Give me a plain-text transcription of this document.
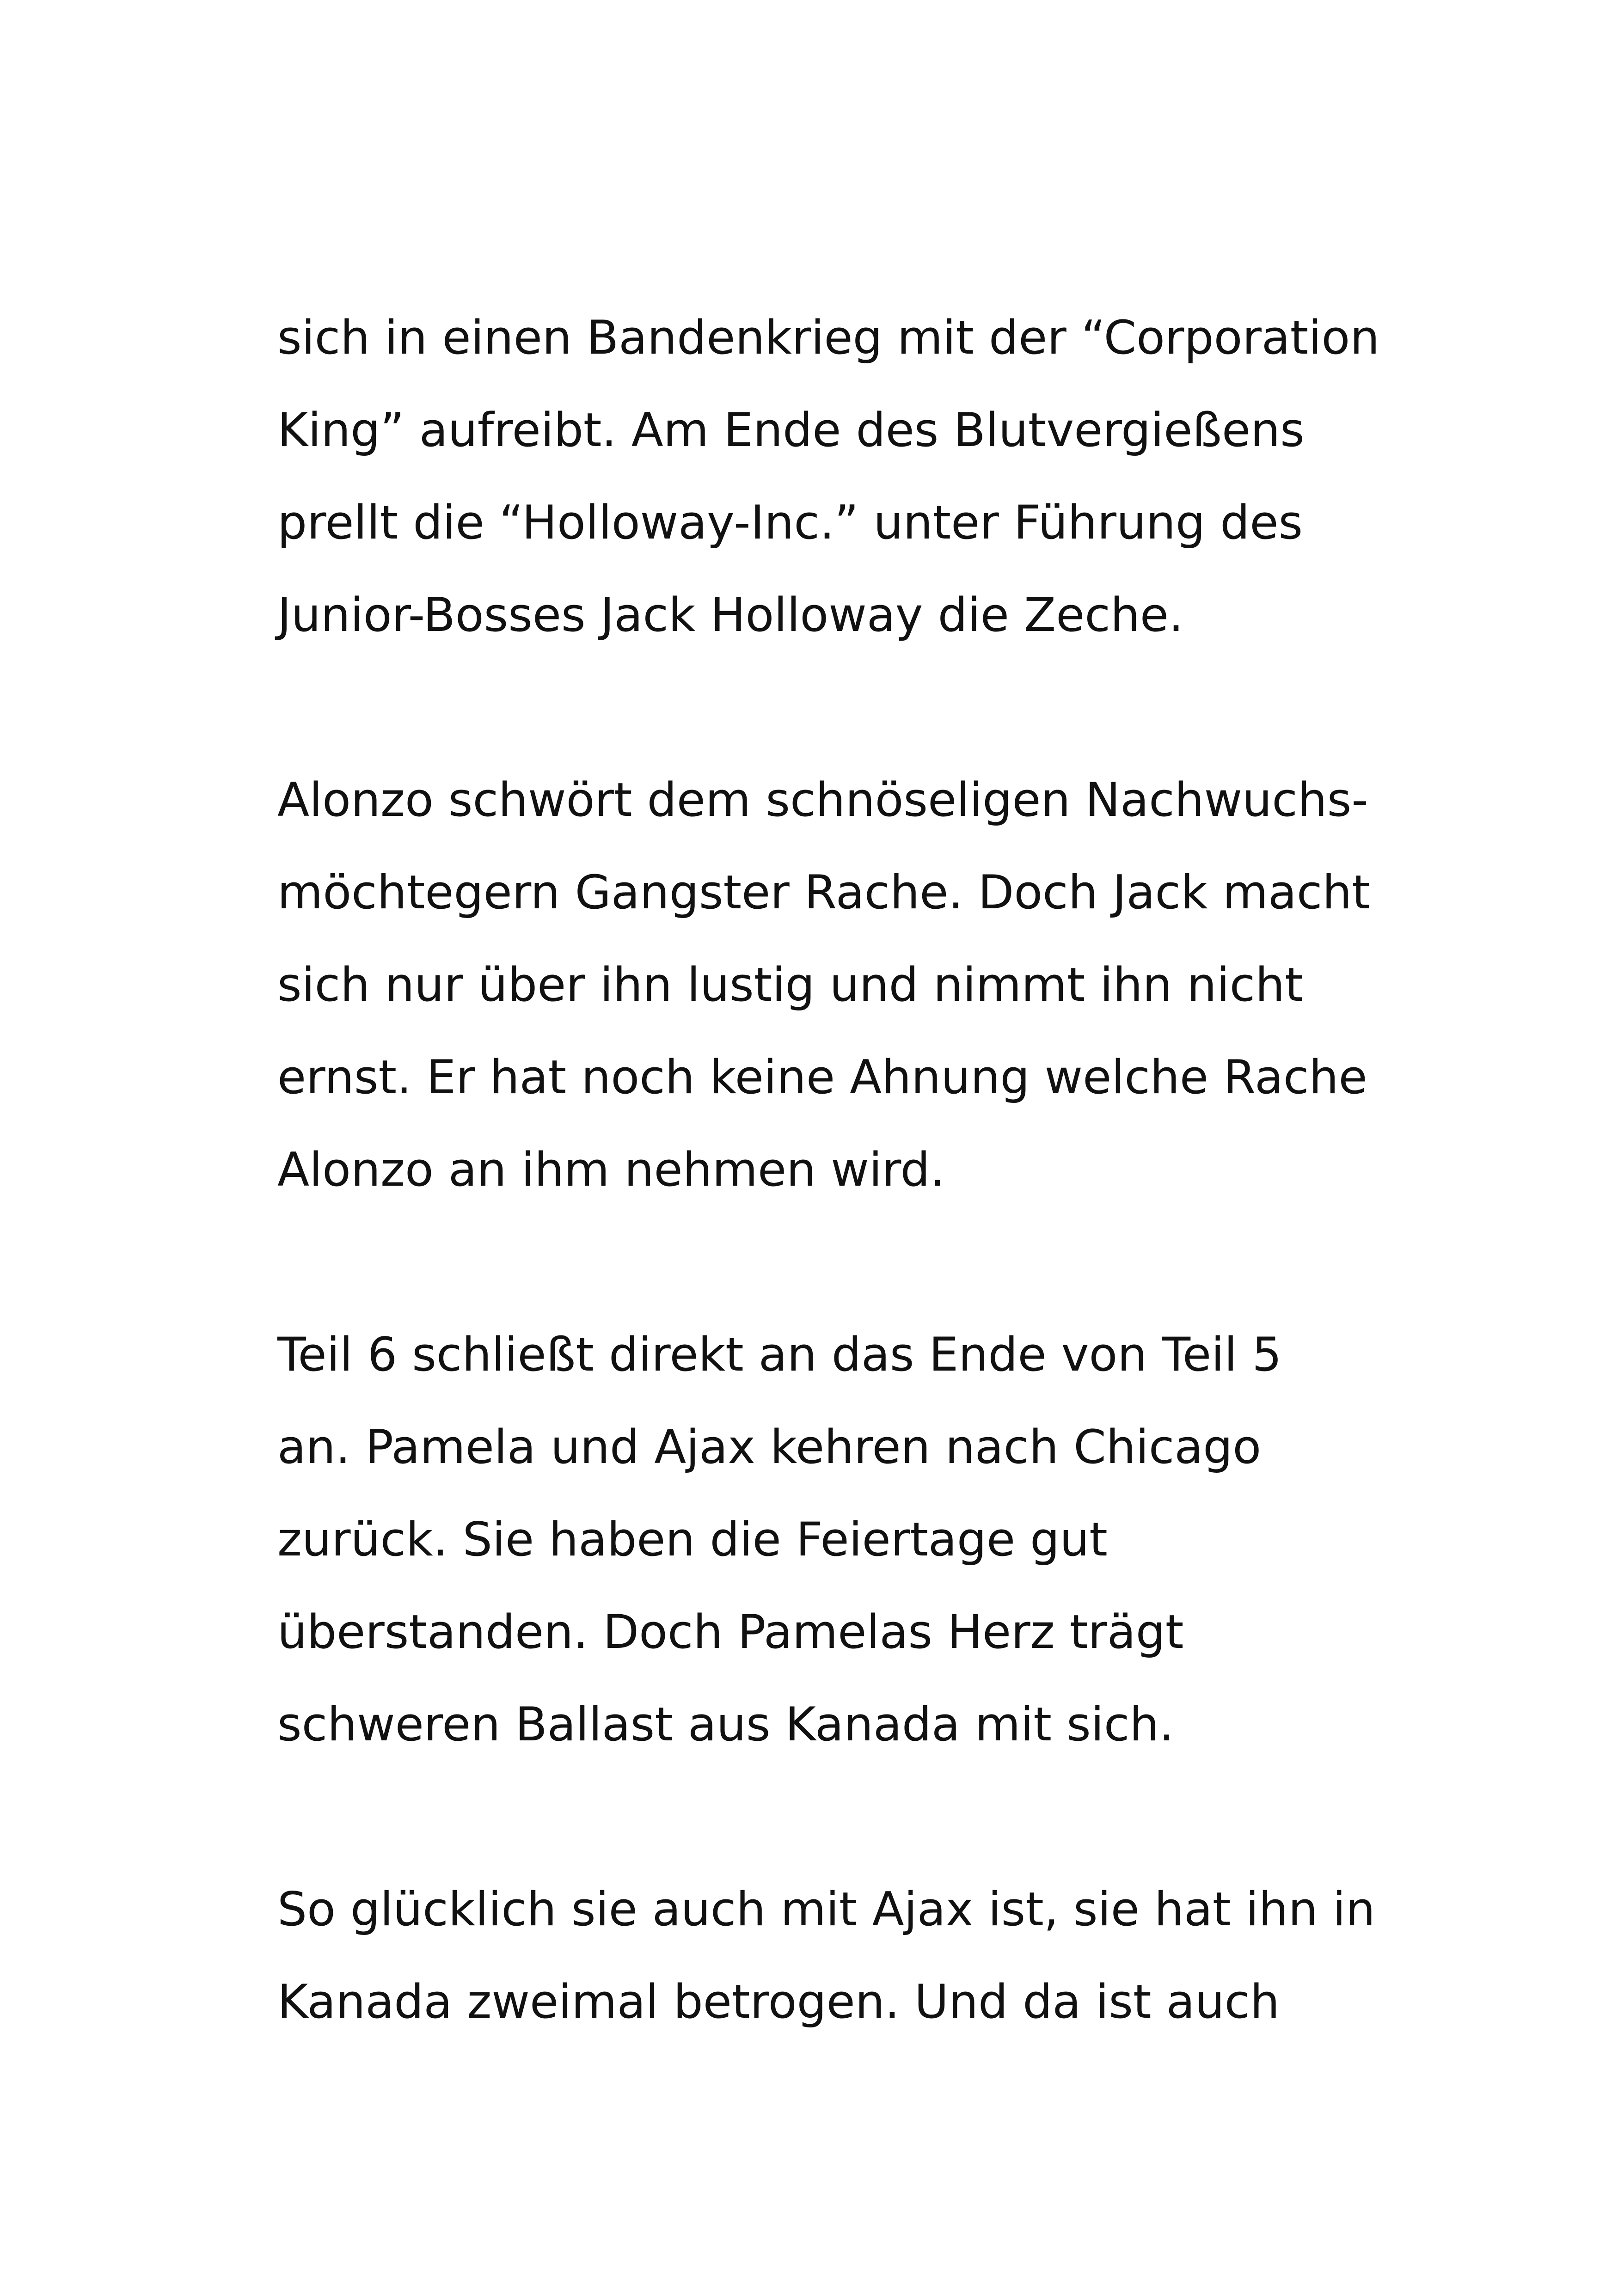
sich in einen Bandenkrieg mit der “Corporation
King” aufreibt. Am Ende des Blutvergießens
prellt die “Holloway-Inc.” unter Führung des
Junior-Bosses Jack Holloway die Zeche.

Alonzo schwört dem schnöseligen Nachwuchs-
möchtegern Gangster Rache. Doch Jack macht
sich nur über ihn lustig und nimmt ihn nicht
ernst. Er hat noch keine Ahnung welche Rache
Alonzo an ihm nehmen wird.

Teil 6 schließt direkt an das Ende von Teil 5
an. Pamela und Ajax kehren nach Chicago
zurück. Sie haben die Feiertage gut
überstanden. Doch Pamelas Herz trägt
schweren Ballast aus Kanada mit sich.

So glücklich sie auch mit Ajax ist, sie hat ihn in
Kanada zweimal betrogen. Und da ist auch
